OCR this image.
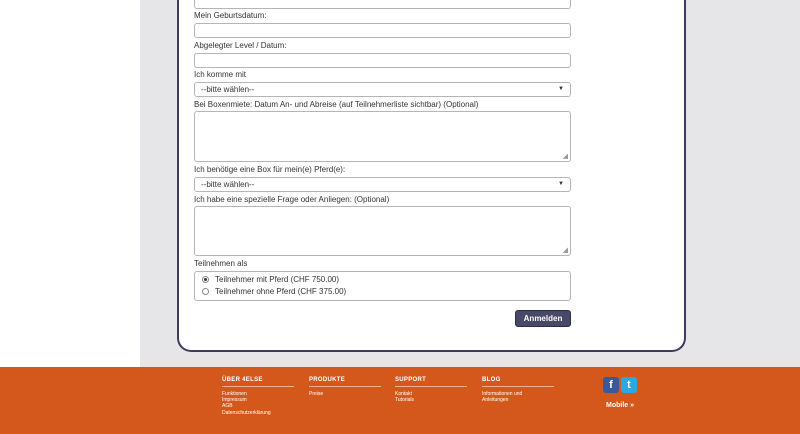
Mein Geburtsdatum:
Abgelegter Level / Datum:
Ich komme mit
--bitte wählen--	▼
Bei Boxenmiete: Datum An- und Abreise (auf Teilnehmerliste sichtbar) (Optional)
◢
Ich benötige eine Box für mein(e) Pferd(e):
--bitte wählen--	▼
Ich habe eine spezielle Frage oder Anliegen: (Optional)
◢
Teilnehmen als
Teilnehmer mit Pferd (CHF 750.00)
Teilnehmer ohne Pferd (CHF 375.00)
Anmelden
ÜBER 4ELSE
Funktionen
Impressum
AGB
Datenschutzerklärung
PRODUKTE
Preise
SUPPORT
Kontakt
Tutorials
BLOG
Informationen und
Anleitungen
f	t
Mobile »
